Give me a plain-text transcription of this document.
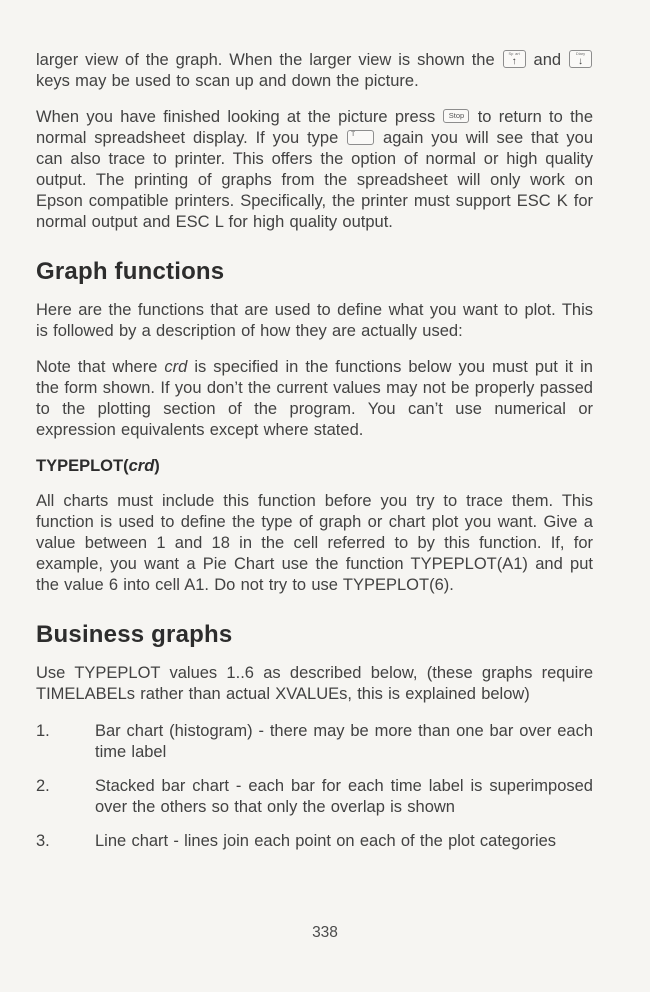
larger view of the graph. When the larger view is shown the	Sp art
↑	and	Diary
↓
keys may be used to scan up and down the picture.

When you have finished looking at the picture press Stop to return to the normal spreadsheet display. If you type T again you will see that you can also trace to printer. This offers the option of normal or high quality output. The printing of graphs from the spreadsheet will only work on Epson compatible printers. Specifically, the printer must support ESC K for normal output and ESC L for high quality output.

Graph functions

Here are the functions that are used to define what you want to plot. This is followed by a description of how they are actually used:

Note that where crd is specified in the functions below you must put it in the form shown. If you don’t the current values may not be properly passed to the plotting section of the program. You can’t use numerical or expression equivalents except where stated.

TYPEPLOT(crd)

All charts must include this function before you try to trace them. This function is used to define the type of graph or chart plot you want. Give a value between 1 and 18 in the cell referred to by this function. If, for example, you want a Pie Chart use the function TYPEPLOT(A1) and put the value 6 into cell A1. Do not try to use TYPEPLOT(6).

Business graphs

Use TYPEPLOT values 1..6 as described below, (these graphs require TIMELABELs rather than actual XVALUEs, this is explained below)

1.	Bar chart (histogram) - there may be more than one bar over each time label
2.	Stacked bar chart - each bar for each time label is superimposed over the others so that only the overlap is shown
3.	Line chart - lines join each point on each of the plot categories
338
